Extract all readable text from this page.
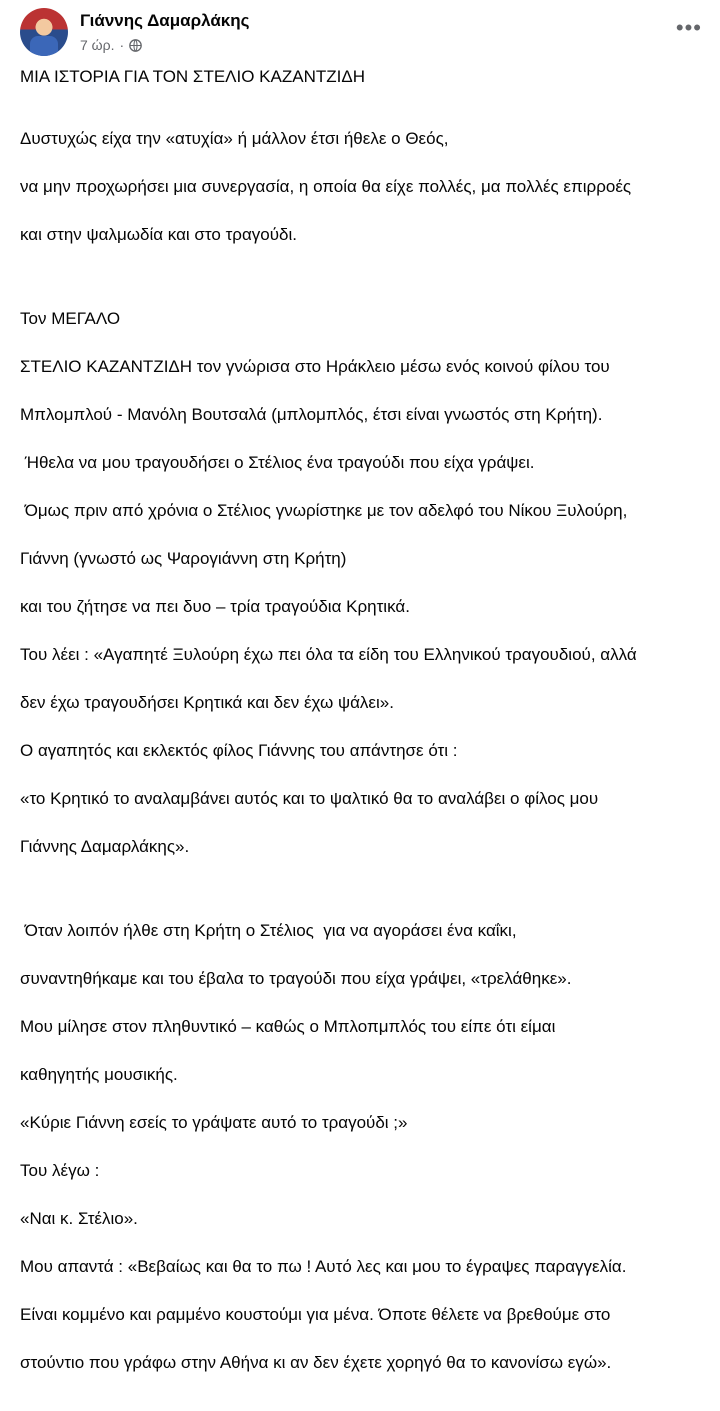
Γιάννης Δαμαρλάκης
7 ώρ. ·
•••

ΜΙΑ ΙΣΤΟΡΙΑ ΓΙΑ ΤΟΝ ΣΤΕΛΙΟ ΚΑΖΑΝΤΖΙΔΗ

Δυστυχώς είχα την «ατυχία» ή μάλλον έτσι ήθελε ο Θεός,

να μην προχωρήσει μια συνεργασία, η οποία θα είχε πολλές, μα πολλές επιρροές

και στην ψαλμωδία και στο τραγούδι.

Τον ΜΕΓΑΛΟ

ΣΤΕΛΙΟ ΚΑΖΑΝΤΖΙΔΗ τον γνώρισα στο Ηράκλειο μέσω ενός κοινού φίλου του

Μπλομπλού - Μανόλη Βουτσαλά (μπλομπλός, έτσι είναι γνωστός στη Κρήτη).

Ήθελα να μου τραγουδήσει ο Στέλιος ένα τραγούδι που είχα γράψει.

Όμως πριν από χρόνια ο Στέλιος γνωρίστηκε με τον αδελφό του Νίκου Ξυλούρη,

Γιάννη (γνωστό ως Ψαρογιάννη στη Κρήτη)

και του ζήτησε να πει δυο – τρία τραγούδια Κρητικά.

Του λέει : «Αγαπητέ Ξυλούρη έχω πει όλα τα είδη του Ελληνικού τραγουδιού, αλλά

δεν έχω τραγουδήσει Κρητικά και δεν έχω ψάλει».

Ο αγαπητός και εκλεκτός φίλος Γιάννης του απάντησε ότι :

«το Κρητικό το αναλαμβάνει αυτός και το ψαλτικό θα το αναλάβει ο φίλος μου

Γιάννης Δαμαρλάκης».

Όταν λοιπόν ήλθε στη Κρήτη ο Στέλιος  για να αγοράσει ένα καΐκι,

συναντηθήκαμε και του έβαλα το τραγούδι που είχα γράψει, «τρελάθηκε».

Μου μίλησε στον πληθυντικό – καθώς ο Μπλοπμπλός του είπε ότι είμαι

καθηγητής μουσικής.

«Κύριε Γιάννη εσείς το γράψατε αυτό το τραγούδι ;»

Του λέγω :

«Ναι κ. Στέλιο».

Μου απαντά : «Βεβαίως και θα το πω ! Αυτό λες και μου το έγραψες παραγγελία.

Είναι κομμένο και ραμμένο κουστούμι για μένα. Όποτε θέλετε να βρεθούμε στο

στούντιο που γράφω στην Αθήνα κι αν δεν έχετε χορηγό θα το κανονίσω εγώ».
